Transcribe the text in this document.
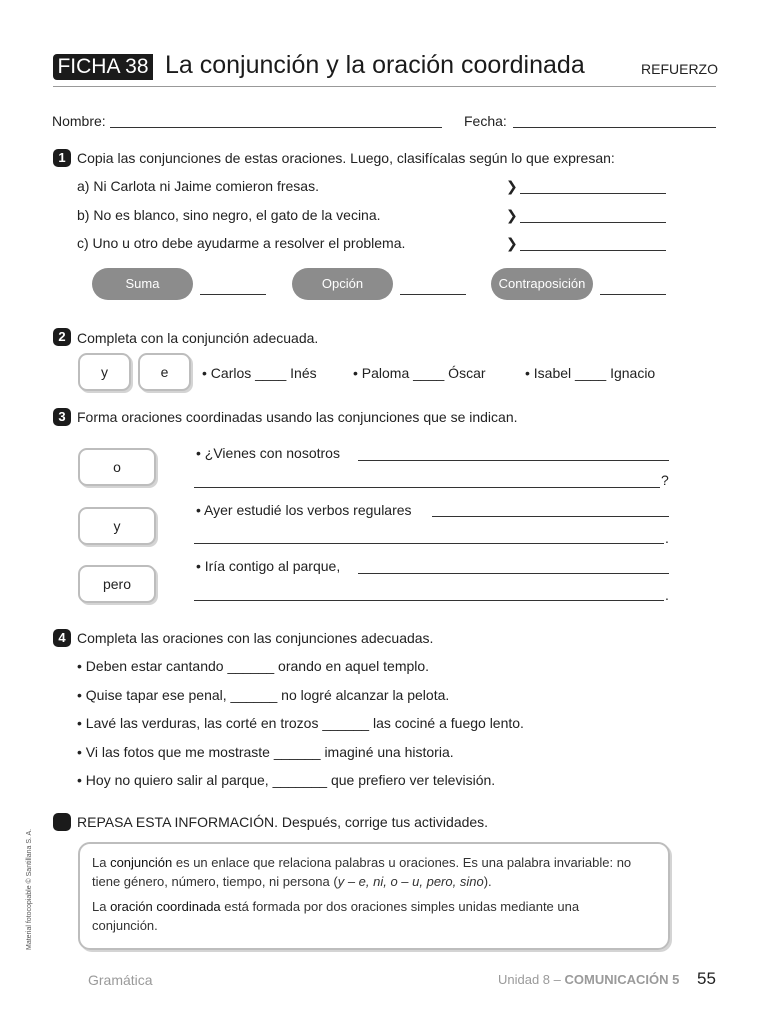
FICHA 38 La conjunción y la oración coordinada	REFUERZO
Nombre:	Fecha:
1 Copia las conjunciones de estas oraciones. Luego, clasifícalas según lo que expresan:
a) Ni Carlota ni Jaime comieron fresas.	❯
b) No es blanco, sino negro, el gato de la vecina.	❯
c) Uno u otro debe ayudarme a resolver el problema.	❯
Suma	Opción	Contraposición
2 Completa con la conjunción adecuada.
y	e	• Carlos ____ Inés	• Paloma ____ Óscar	• Isabel ____ Ignacio
3 Forma oraciones coordinadas usando las conjunciones que se indican.
o
• ¿Vienes con nosotros
?
y
• Ayer estudié los verbos regulares
.
pero
• Iría contigo al parque,
.
4 Completa las oraciones con las conjunciones adecuadas.
• Deben estar cantando ______ orando en aquel templo.
• Quise tapar ese penal, ______ no logré alcanzar la pelota.
• Lavé las verduras, las corté en trozos ______ las cociné a fuego lento.
• Vi las fotos que me mostraste ______ imaginé una historia.
• Hoy no quiero salir al parque, _______ que prefiero ver televisión.
REPASA ESTA INFORMACIÓN. Después, corrige tus actividades.
La conjunción es un enlace que relaciona palabras u oraciones. Es una palabra invariable: no tiene género, número, tiempo, ni persona (y – e, ni, o – u, pero, sino).
La oración coordinada está formada por dos oraciones simples unidas mediante una conjunción.
Material fotocopiable © Santillana S. A.
Gramática	Unidad 8 – COMUNICACIÓN 5 55
